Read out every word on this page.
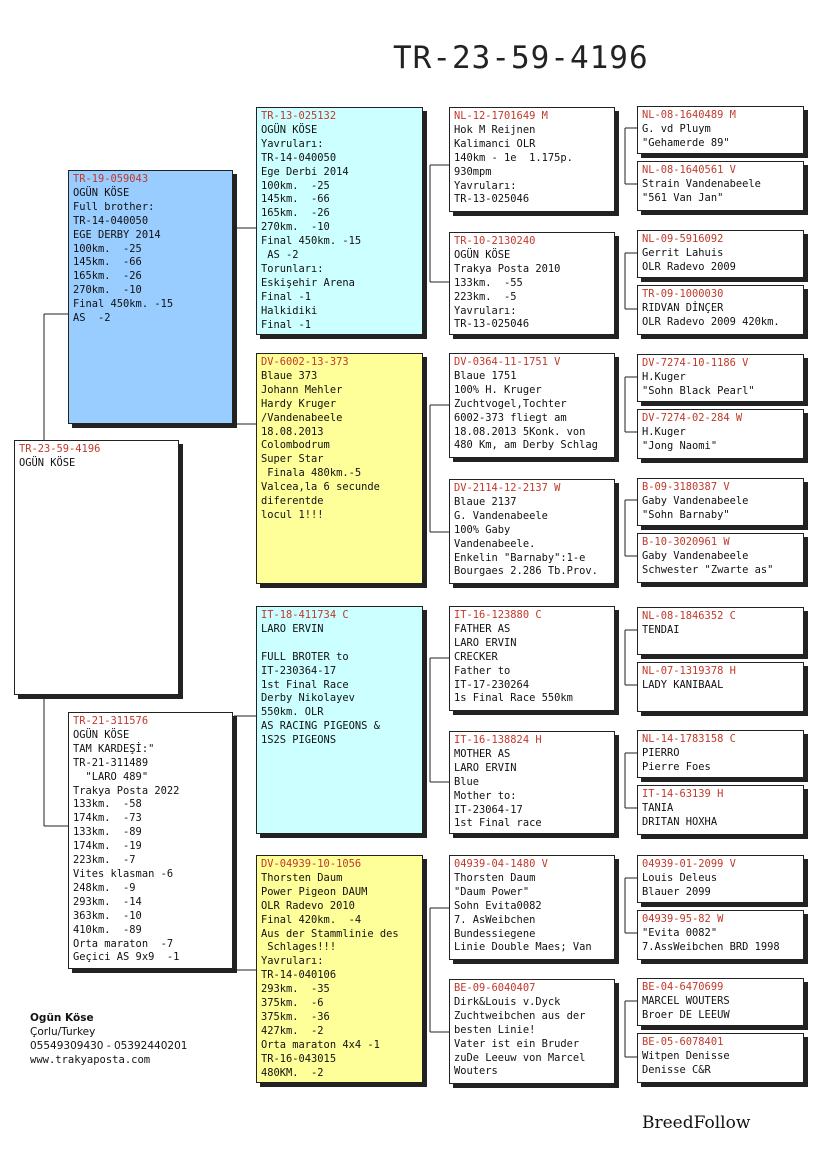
TR-23-59-4196
TR-23-59-4196
OGÜN KÖSE
TR-19-059043
OGÜN KÖSE
Full brother:
TR-14-040050
EGE DERBY 2014
100km.  -25
145km.  -66
165km.  -26
270km.  -10
Final 450km. -15
AS  -2
TR-21-311576
OGÜN KÖSE
TAM KARDEŞİ:"
TR-21-311489
"LARO 489"
Trakya Posta 2022
133km.  -58
174km.  -73
133km.  -89
174km.  -19
223km.  -7
Vites klasman -6
248km.  -9
293km.  -14
363km.  -10
410km.  -89
Orta maraton  -7
Geçici AS 9x9  -1
TR-13-025132
OGÜN KÖSE
Yavruları:
TR-14-040050
Ege Derbi 2014
100km.  -25
145km.  -66
165km.  -26
270km.  -10
Final 450km. -15
AS -2
Torunları:
Eskişehir Arena
Final -1
Halkidiki
Final -1
DV-6002-13-373
Blaue 373
Johann Mehler
Hardy Kruger
/Vandenabeele
18.08.2013
Colombodrum
Super Star
Finala 480km.-5
Valcea,la 6 secunde
diferentde
locul 1!!!
IT-18-411734 C
LARO ERVIN

FULL BROTER to
IT-230364-17
1st Final Race
Derby Nikolayev
550km. OLR
AS RACING PIGEONS &
1S2S PIGEONS
DV-04939-10-1056
Thorsten Daum
Power Pigeon DAUM
OLR Radevo 2010
Final 420km.  -4
Aus der Stammlinie des
Schlages!!!
Yavruları:
TR-14-040106
293km.  -35
375km.  -6
375km.  -36
427km.  -2
Orta maraton 4x4 -1
TR-16-043015
480KM.  -2
NL-12-1701649 M
Hok M Reijnen
Kalimanci OLR
140km - 1e  1.175p.
930mpm
Yavruları:
TR-13-025046
TR-10-2130240
OGÜN KÖSE
Trakya Posta 2010
133km.  -55
223km.  -5
Yavruları:
TR-13-025046
DV-0364-11-1751 V
Blaue 1751
100% H. Kruger
Zuchtvogel,Tochter
6002-373 fliegt am
18.08.2013 5Konk. von
480 Km, am Derby Schlag
DV-2114-12-2137 W
Blaue 2137
G. Vandenabeele
100% Gaby
Vandenabeele.
Enkelin "Barnaby":1-e
Bourgaes 2.286 Tb.Prov.
IT-16-123880 C
FATHER AS
LARO ERVIN
CRECKER
Father to
IT-17-230264
1s Final Race 550km
IT-16-138824 H
MOTHER AS
LARO ERVIN
Blue
Mother to:
IT-23064-17
1st Final race
04939-04-1480 V
Thorsten Daum
"Daum Power"
Sohn Evita0082
7. AsWeibchen
Bundessiegene
Linie Double Maes; Van
BE-09-6040407
Dirk&Louis v.Dyck
Zuchtweibchen aus der
besten Linie!
Vater ist ein Bruder
zuDe Leeuw von Marcel
Wouters
NL-08-1640489 M
G. vd Pluym
"Gehamerde 89"
NL-08-1640561 V
Strain Vandenabeele
"561 Van Jan"
NL-09-5916092
Gerrit Lahuis
OLR Radevo 2009
TR-09-1000030
RIDVAN DİNÇER
OLR Radevo 2009 420km.
DV-7274-10-1186 V
H.Kuger
"Sohn Black Pearl"
DV-7274-02-284 W
H.Kuger
"Jong Naomi"
B-09-3180387 V
Gaby Vandenabeele
"Sohn Barnaby"
B-10-3020961 W
Gaby Vandenabeele
Schwester "Zwarte as"
NL-08-1846352 C
TENDAI
NL-07-1319378 H
LADY KANIBAAL
NL-14-1783158 C
PIERRO
Pierre Foes
IT-14-63139 H
TANIA
DRITAN HOXHA
04939-01-2099 V
Louis Deleus
Blauer 2099
04939-95-82 W
"Evita 0082"
7.AssWeibchen BRD 1998
BE-04-6470699
MARCEL WOUTERS
Broer DE LEEUW
BE-05-6078401
Witpen Denisse
Denisse C&R
Ogün Köse
Çorlu/Turkey
05549309430 - 05392440201
www.trakyaposta.com
BreedFollow
